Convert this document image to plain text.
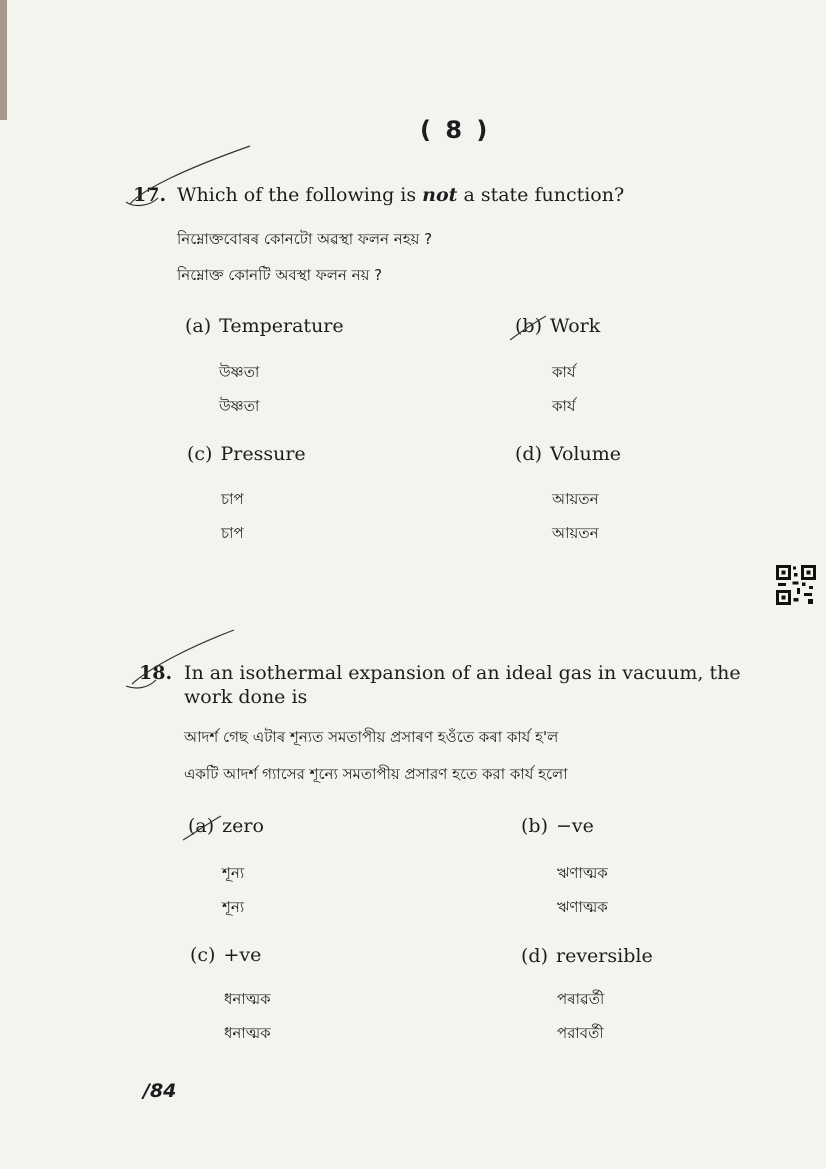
( 8 )
17. Which of the following is not a state function?
নিম্নোক্তবোৰৰ কোনটো অৱস্থা ফলন নহয় ?
নিম্নোক্ত কোনটি অবস্থা ফলন নয় ?
(a) Temperature
উষ্ণতা
উষ্ণতা
(b) Work
কাৰ্য
কার্য
(c) Pressure
চাপ
চাপ
(d) Volume
আয়তন
আয়তন
18. In an isothermal expansion of an ideal gas in vacuum, the
work done is
আদৰ্শ গেছ এটাৰ শূন্যত সমতাপীয় প্ৰসাৰণ হওঁতে কৰা কাৰ্য হ'ল
একটি আদর্শ গ্যাসের শূন্যে সমতাপীয় প্রসারণ হতে করা কার্য হলো
(a) zero
শূন্য
শূন্য
(b) −ve
ঋণাত্মক
ঋণাত্মক
(c) +ve
ধনাত্মক
ধনাত্মক
(d) reversible
পৰাৱৰ্তী
পরাবর্তী
/84
